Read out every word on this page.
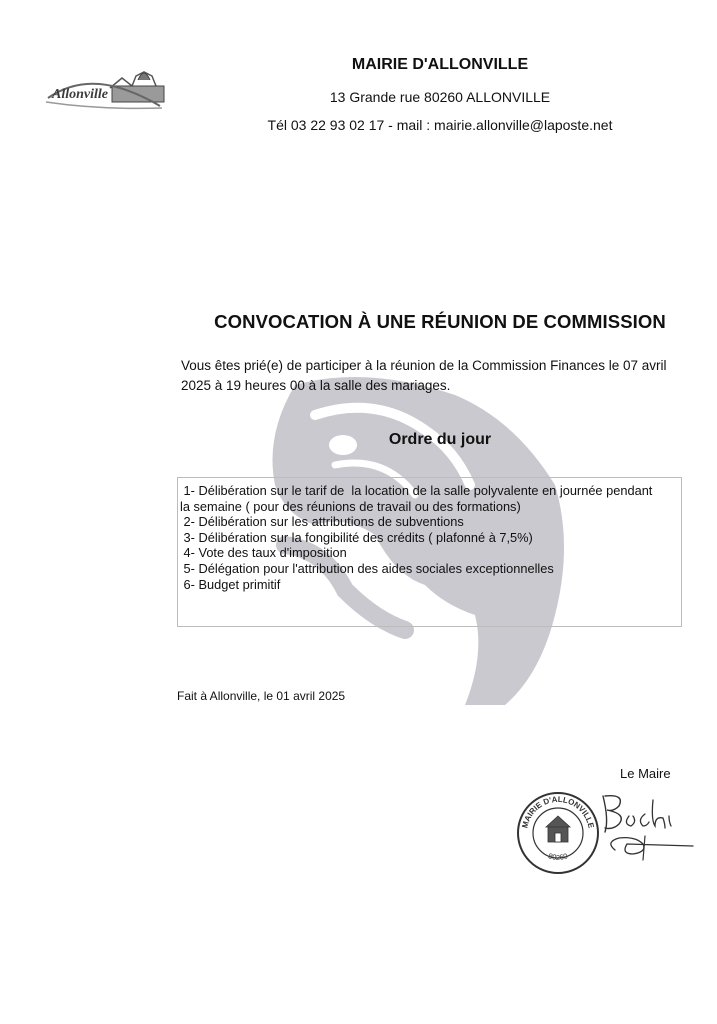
Allonville
MAIRIE D'ALLONVILLE
13 Grande rue 80260 ALLONVILLE
Tél 03 22 93 02 17 - mail : mairie.allonville@laposte.net
CONVOCATION À UNE RÉUNION DE COMMISSION
Vous êtes prié(e) de participer à la réunion de la Commission Finances le 07 avril
2025 à 19 heures 00 à la salle des mariages.
Ordre du jour
1- Délibération sur le tarif de  la location de la salle polyvalente en journée pendant
la semaine ( pour des réunions de travail ou des formations)
2- Délibération sur les attributions de subventions
3- Délibération sur la fongibilité des crédits ( plafonné à 7,5%)
4- Vote des taux d'imposition
5- Délégation pour l'attribution des aides sociales exceptionnelles
6- Budget primitif
Fait à Allonville, le 01 avril 2025
Le Maire
MAIRIE D'ALLONVILLE
80260
